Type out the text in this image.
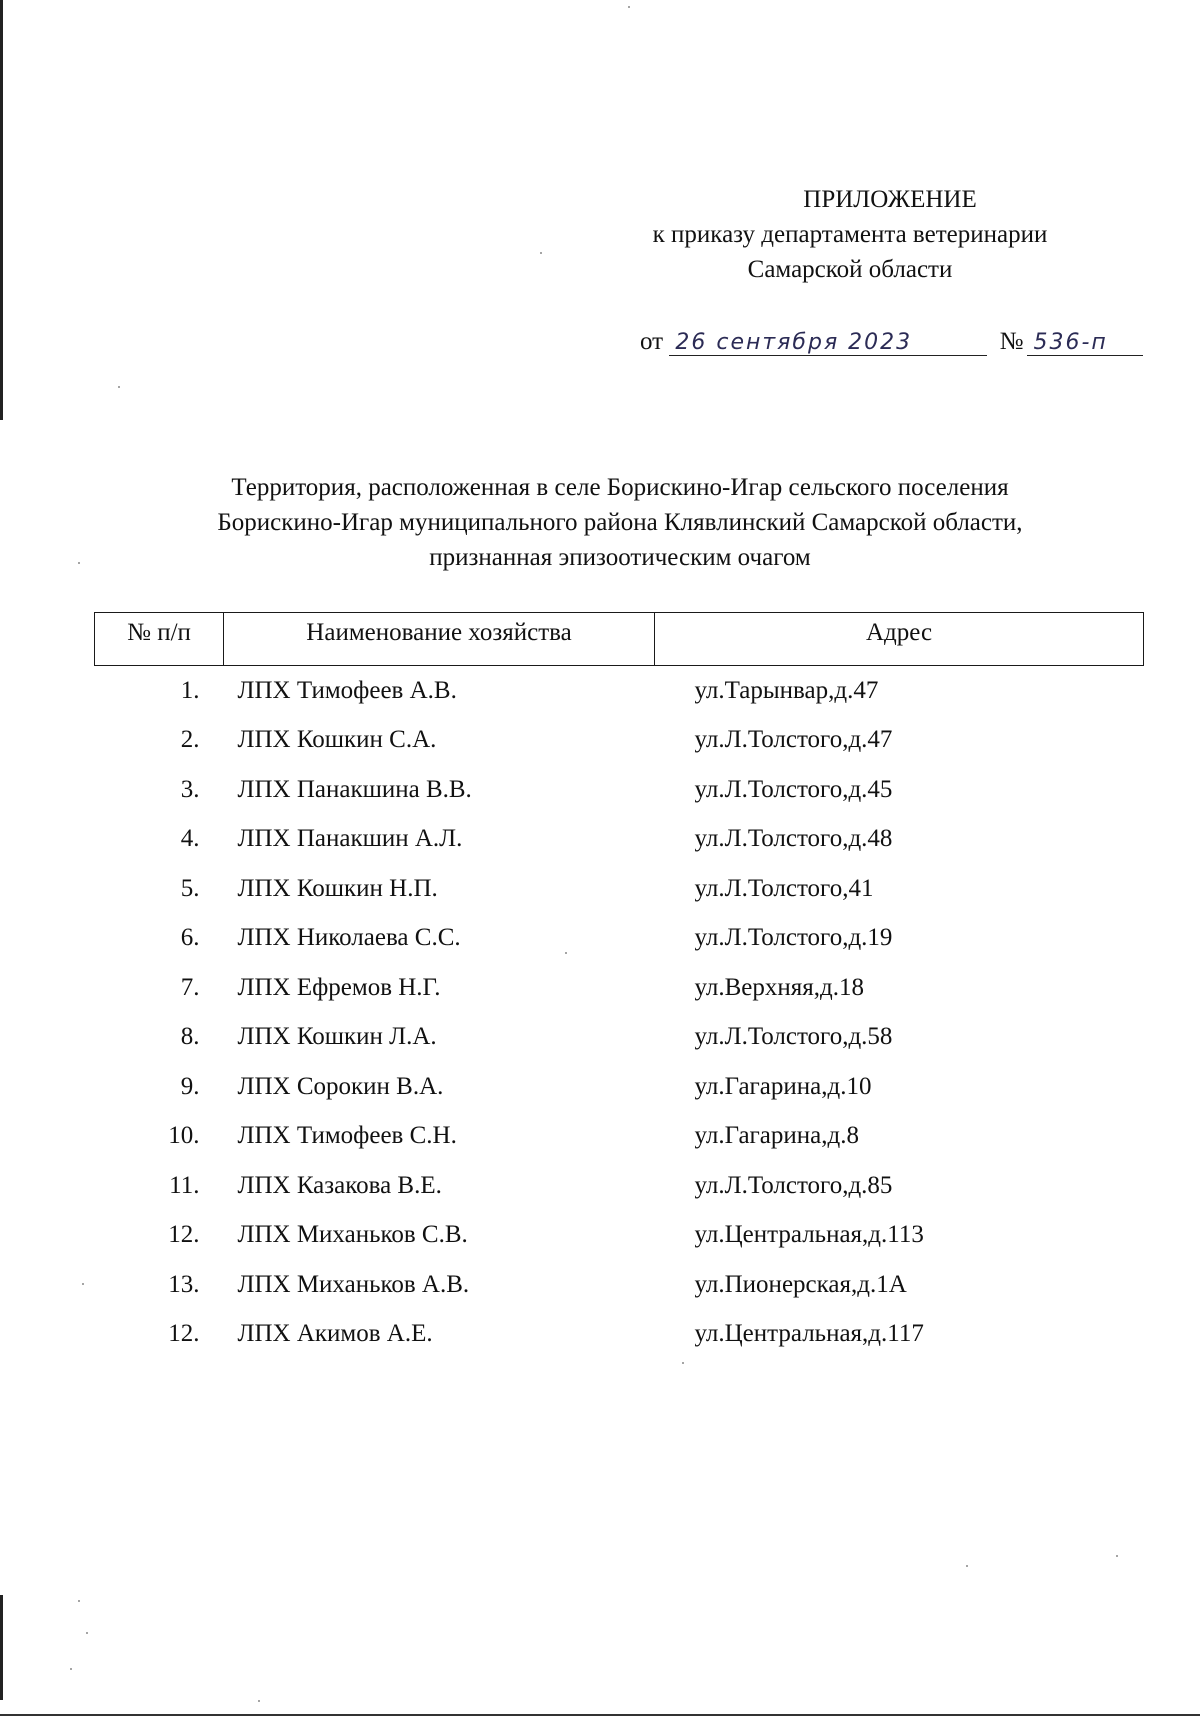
ПРИЛОЖЕНИЕ
к приказу департамента ветеринарии
Самарской области
от 26 сентября 2023	№ 536-п
Территория, расположенная в селе Борискино-Игар сельского поселения
Борискино-Игар муниципального района Клявлинский Самарской области,
признанная эпизоотическим очагом
№ п/п	Наименование хозяйства	Адрес
1.	ЛПХ Тимофеев А.В.	ул.Тарынвар,д.47
2.	ЛПХ Кошкин С.А.	ул.Л.Толстого,д.47
3.	ЛПХ Панакшина В.В.	ул.Л.Толстого,д.45
4.	ЛПХ Панакшин А.Л.	ул.Л.Толстого,д.48
5.	ЛПХ Кошкин Н.П.	ул.Л.Толстого,41
6.	ЛПХ Николаева С.С.	ул.Л.Толстого,д.19
7.	ЛПХ Ефремов Н.Г.	ул.Верхняя,д.18
8.	ЛПХ Кошкин Л.А.	ул.Л.Толстого,д.58
9.	ЛПХ Сорокин В.А.	ул.Гагарина,д.10
10.	ЛПХ Тимофеев С.Н.	ул.Гагарина,д.8
11.	ЛПХ Казакова В.Е.	ул.Л.Толстого,д.85
12.	ЛПХ Миханьков С.В.	ул.Центральная,д.113
13.	ЛПХ Миханьков А.В.	ул.Пионерская,д.1А
12.	ЛПХ Акимов А.Е.	ул.Центральная,д.117
